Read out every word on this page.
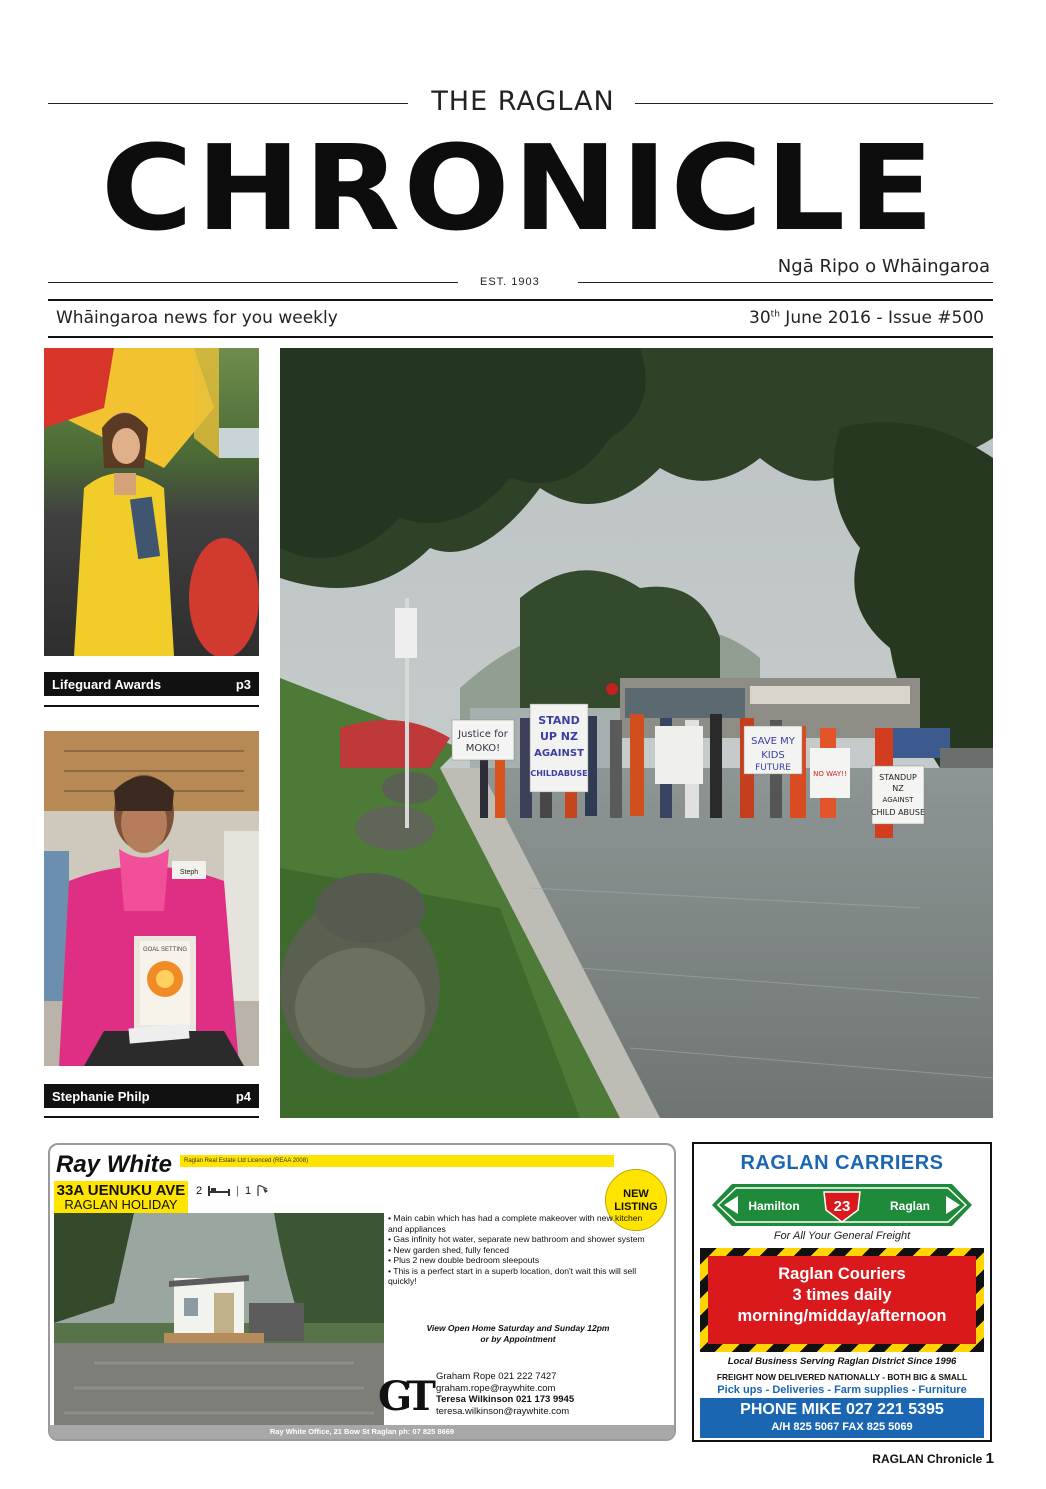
THE RAGLAN
CHRONICLE
Ngā Ripo o Whāingaroa
EST. 1903
Whāingaroa news for you weekly	30th June 2016 - Issue #500
Lifeguard Awards	p3
Steph
GOAL SETTING
Stephanie Philp	p4
Justice for
MOKO!
STAND
UP NZ
AGAINST
CHILDABUSE
SAVE MY
KIDS
FUTURE
NO WAY!!	STANDUP
NZ
AGAINST
CHILD ABUSE
Ray White	Raglan Real Estate Ltd Licenced (REAA 2008)
33A UENUKU AVE
RAGLAN HOLIDAY
2	| 1	NEW
LISTING
• Main cabin which has had a complete makeover with new kitchen and appliances
• Gas infinity hot water, separate new bathroom and shower system
• New garden shed, fully fenced
• Plus 2 new double bedroom sleepouts
• This is a perfect start in a superb location, don't wait this will sell quickly!
View Open Home Saturday and Sunday 12pm
or by Appointment
GT Graham Rope 021 222 7427
graham.rope@raywhite.com
Teresa Wilkinson 021 173 9945
teresa.wilkinson@raywhite.com
Ray White Office, 21 Bow St Raglan ph: 07 825 8669
RAGLAN CARRIERS
23
Hamilton	Raglan
For All Your General Freight
Raglan Couriers
3 times daily
morning/midday/afternoon
Local Business Serving Raglan District Since 1996
FREIGHT NOW DELIVERED NATIONALLY - BOTH BIG & SMALL
Pick ups - Deliveries - Farm supplies - Furniture
PHONE MIKE 027 221 5395
A/H 825 5067 FAX 825 5069
RAGLAN Chronicle 1
